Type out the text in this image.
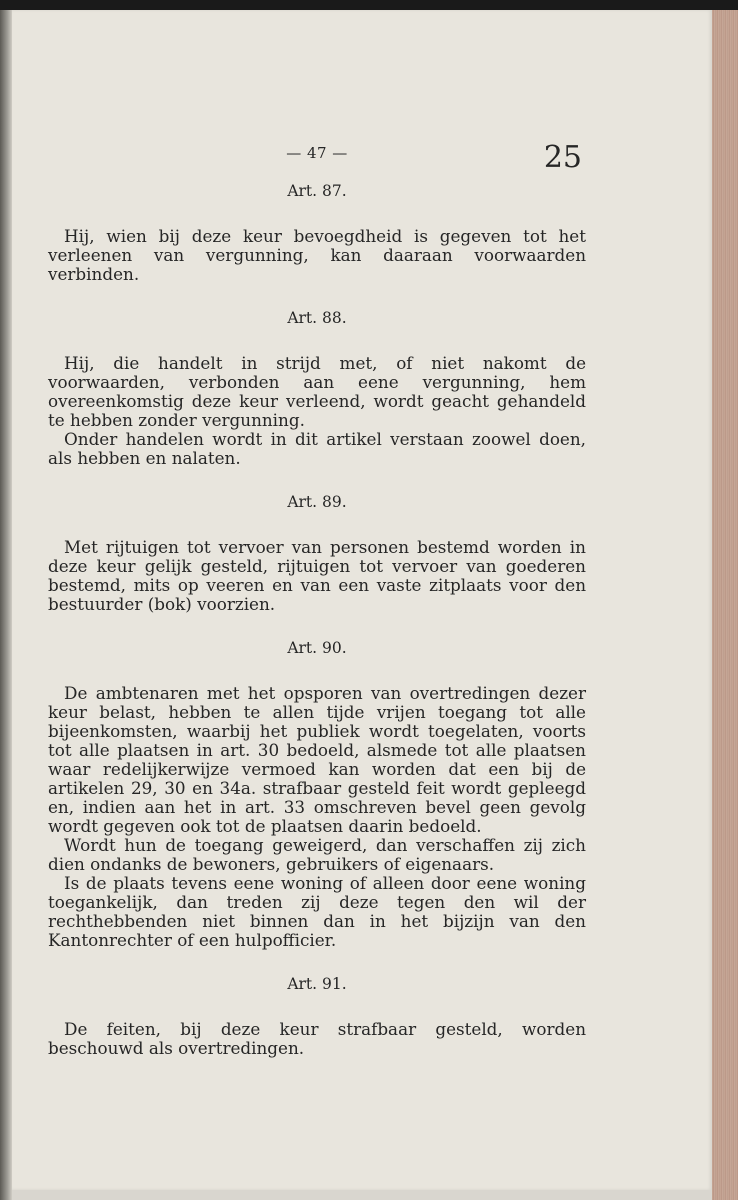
— 47 —	25
Art. 87.

Hij, wien bij deze keur bevoegdheid is gegeven tot het verleenen van vergunning, kan daaraan voorwaarden verbinden.

Art. 88.

Hij, die handelt in strijd met, of niet nakomt de voorwaarden, verbonden aan eene vergunning, hem overeenkomstig deze keur verleend, wordt geacht gehandeld te hebben zonder vergunning.

Onder handelen wordt in dit artikel verstaan zoowel doen, als hebben en nalaten.

Art. 89.

Met rijtuigen tot vervoer van personen bestemd worden in deze keur gelijk gesteld, rijtuigen tot vervoer van goederen bestemd, mits op veeren en van een vaste zitplaats voor den bestuurder (bok) voorzien.

Art. 90.

De ambtenaren met het opsporen van overtredingen dezer keur belast, hebben te allen tijde vrijen toegang tot alle bijeenkomsten, waarbij het publiek wordt toegelaten, voorts tot alle plaatsen in art. 30 bedoeld, alsmede tot alle plaatsen waar redelijkerwijze vermoed kan worden dat een bij de artikelen 29, 30 en 34a. strafbaar gesteld feit wordt gepleegd en, indien aan het in art. 33 omschreven bevel geen gevolg wordt gegeven ook tot de plaatsen daarin bedoeld.

Wordt hun de toegang geweigerd, dan verschaffen zij zich dien ondanks de bewoners, gebruikers of eigenaars.

Is de plaats tevens eene woning of alleen door eene woning toegankelijk, dan treden zij deze tegen den wil der rechthebbenden niet binnen dan in het bijzijn van den Kantonrechter of een hulpofficier.

Art. 91.

De feiten, bij deze keur strafbaar gesteld, worden beschouwd als overtredingen.
